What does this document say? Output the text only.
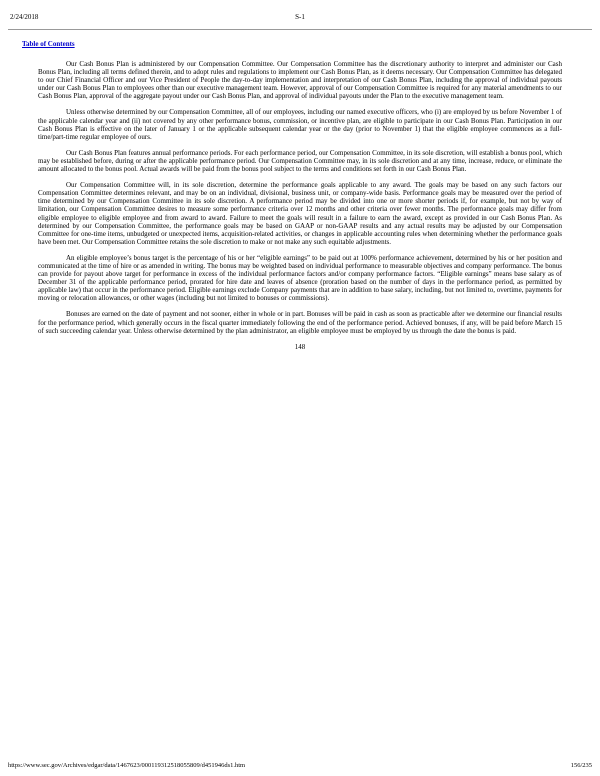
2/24/2018	S-1
Table of Contents

Our Cash Bonus Plan is administered by our Compensation Committee. Our Compensation Committee has the discretionary authority to interpret and administer our Cash Bonus Plan, including all terms defined therein, and to adopt rules and regulations to implement our Cash Bonus Plan, as it deems necessary. Our Compensation Committee has delegated to our Chief Financial Officer and our Vice President of People the day-to-day implementation and interpretation of our Cash Bonus Plan, including the approval of individual payouts under our Cash Bonus Plan to employees other than our executive management team. However, approval of our Compensation Committee is required for any material amendments to our Cash Bonus Plan, approval of the aggregate payout under our Cash Bonus Plan, and approval of individual payouts under the Plan to the executive management team.

Unless otherwise determined by our Compensation Committee, all of our employees, including our named executive officers, who (i) are employed by us before November 1 of the applicable calendar year and (ii) not covered by any other performance bonus, commission, or incentive plan, are eligible to participate in our Cash Bonus Plan. Participation in our Cash Bonus Plan is effective on the later of January 1 or the applicable subsequent calendar year or the day (prior to November 1) that the eligible employee commences as a full-time/part-time regular employee of ours.

Our Cash Bonus Plan features annual performance periods. For each performance period, our Compensation Committee, in its sole discretion, will establish a bonus pool, which may be established before, during or after the applicable performance period. Our Compensation Committee may, in its sole discretion and at any time, increase, reduce, or eliminate the amount allocated to the bonus pool. Actual awards will be paid from the bonus pool subject to the terms and conditions set forth in our Cash Bonus Plan.

Our Compensation Committee will, in its sole discretion, determine the performance goals applicable to any award. The goals may be based on any such factors our Compensation Committee determines relevant, and may be on an individual, divisional, business unit, or company-wide basis. Performance goals may be measured over the period of time determined by our Compensation Committee in its sole discretion. A performance period may be divided into one or more shorter periods if, for example, but not by way of limitation, our Compensation Committee desires to measure some performance criteria over 12 months and other criteria over fewer months. The performance goals may differ from eligible employee to eligible employee and from award to award. Failure to meet the goals will result in a failure to earn the award, except as provided in our Cash Bonus Plan. As determined by our Compensation Committee, the performance goals may be based on GAAP or non-GAAP results and any actual results may be adjusted by our Compensation Committee for one-time items, unbudgeted or unexpected items, acquisition-related activities, or changes in applicable accounting rules when determining whether the performance goals have been met. Our Compensation Committee retains the sole discretion to make or not make any such equitable adjustments.

An eligible employee’s bonus target is the percentage of his or her “eligible earnings” to be paid out at 100% performance achievement, determined by his or her position and communicated at the time of hire or as amended in writing. The bonus may be weighted based on individual performance to measurable objectives and company performance. The bonus can provide for payout above target for performance in excess of the individual performance factors and/or company performance factors. “Eligible earnings” means base salary as of December 31 of the applicable performance period, prorated for hire date and leaves of absence (proration based on the number of days in the performance period, as permitted by applicable law) that occur in the performance period. Eligible earnings exclude Company payments that are in addition to base salary, including, but not limited to, overtime, payments for moving or relocation allowances, or other wages (including but not limited to bonuses or commissions).

Bonuses are earned on the date of payment and not sooner, either in whole or in part. Bonuses will be paid in cash as soon as practicable after we determine our financial results for the performance period, which generally occurs in the fiscal quarter immediately following the end of the performance period. Achieved bonuses, if any, will be paid before March 15 of such succeeding calendar year. Unless otherwise determined by the plan administrator, an eligible employee must be employed by us through the date the bonus is paid.

148

https://www.sec.gov/Archives/edgar/data/1467623/000119312518055809/d451946ds1.htm	156/235
